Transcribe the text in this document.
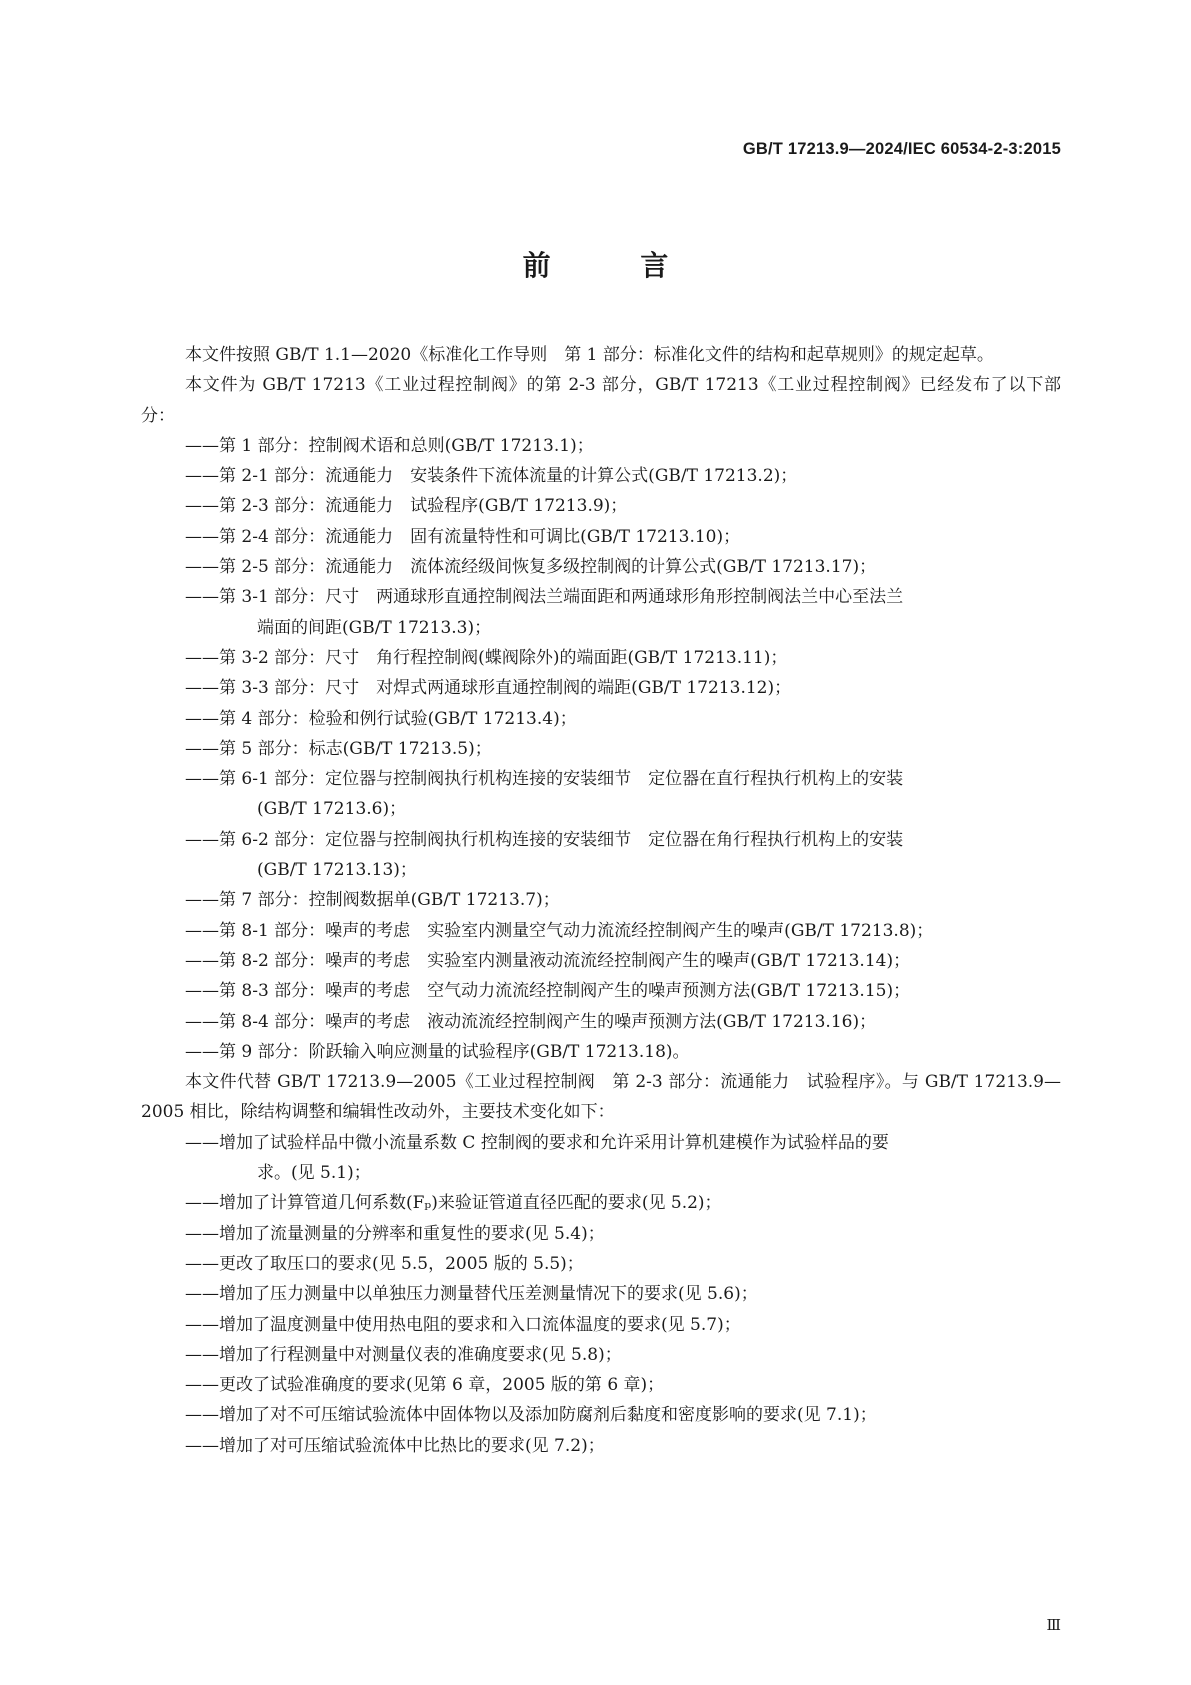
GB/T 17213.9—2024/IEC 60534-2-3:2015
前 言
本文件按照 GB/T 1.1—2020《标准化工作导则　第 1 部分：标准化文件的结构和起草规则》的规定起草。
本文件为 GB/T 17213《工业过程控制阀》的第 2-3 部分，GB/T 17213《工业过程控制阀》已经发布了以下部分：
——第 1 部分：控制阀术语和总则(GB/T 17213.1)；
——第 2-1 部分：流通能力　安装条件下流体流量的计算公式(GB/T 17213.2)；
——第 2-3 部分：流通能力　试验程序(GB/T 17213.9)；
——第 2-4 部分：流通能力　固有流量特性和可调比(GB/T 17213.10)；
——第 2-5 部分：流通能力　流体流经级间恢复多级控制阀的计算公式(GB/T 17213.17)；
——第 3-1 部分：尺寸　两通球形直通控制阀法兰端面距和两通球形角形控制阀法兰中心至法兰
端面的间距(GB/T 17213.3)；
——第 3-2 部分：尺寸　角行程控制阀(蝶阀除外)的端面距(GB/T 17213.11)；
——第 3-3 部分：尺寸　对焊式两通球形直通控制阀的端距(GB/T 17213.12)；
——第 4 部分：检验和例行试验(GB/T 17213.4)；
——第 5 部分：标志(GB/T 17213.5)；
——第 6-1 部分：定位器与控制阀执行机构连接的安装细节　定位器在直行程执行机构上的安装
(GB/T 17213.6)；
——第 6-2 部分：定位器与控制阀执行机构连接的安装细节　定位器在角行程执行机构上的安装
(GB/T 17213.13)；
——第 7 部分：控制阀数据单(GB/T 17213.7)；
——第 8-1 部分：噪声的考虑　实验室内测量空气动力流流经控制阀产生的噪声(GB/T 17213.8)；
——第 8-2 部分：噪声的考虑　实验室内测量液动流流经控制阀产生的噪声(GB/T 17213.14)；
——第 8-3 部分：噪声的考虑　空气动力流流经控制阀产生的噪声预测方法(GB/T 17213.15)；
——第 8-4 部分：噪声的考虑　液动流流经控制阀产生的噪声预测方法(GB/T 17213.16)；
——第 9 部分：阶跃输入响应测量的试验程序(GB/T 17213.18)。
本文件代替 GB/T 17213.9—2005《工业过程控制阀　第 2-3 部分：流通能力　试验程序》。与 GB/T 17213.9—2005 相比，除结构调整和编辑性改动外，主要技术变化如下：
——增加了试验样品中微小流量系数 C 控制阀的要求和允许采用计算机建模作为试验样品的要
求。(见 5.1)；
——增加了计算管道几何系数(Fₚ)来验证管道直径匹配的要求(见 5.2)；
——增加了流量测量的分辨率和重复性的要求(见 5.4)；
——更改了取压口的要求(见 5.5，2005 版的 5.5)；
——增加了压力测量中以单独压力测量替代压差测量情况下的要求(见 5.6)；
——增加了温度测量中使用热电阻的要求和入口流体温度的要求(见 5.7)；
——增加了行程测量中对测量仪表的准确度要求(见 5.8)；
——更改了试验准确度的要求(见第 6 章，2005 版的第 6 章)；
——增加了对不可压缩试验流体中固体物以及添加防腐剂后黏度和密度影响的要求(见 7.1)；
——增加了对可压缩试验流体中比热比的要求(见 7.2)；
Ⅲ
